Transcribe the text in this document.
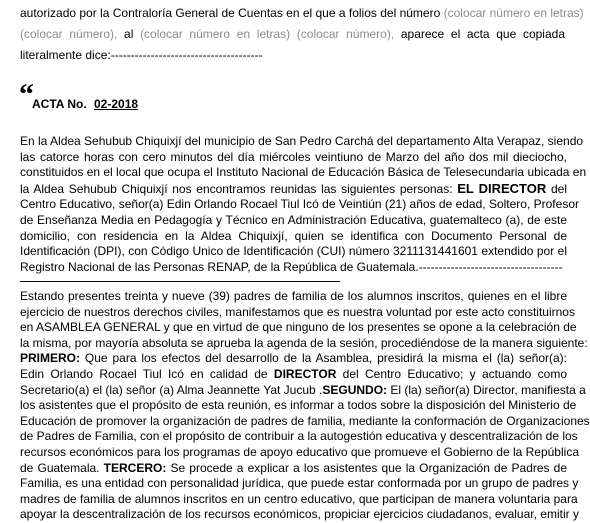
autorizado por la Contraloría General de Cuentas en el que a folios del número (colocar número en letras)
(colocar número), al (colocar número en letras) (colocar número), aparece el acta que copiada
literalmente dice:--------------------------------------
“
ACTA No. 02-2018
En la Aldea Sehubub Chiquixjí del municipio de San Pedro Carchá del departamento Alta Verapaz, siendo
las catorce horas con cero minutos del día miércoles veintiuno de Marzo del año dos mil dieciocho,
constituidos en el local que ocupa el Instituto Nacional de Educación Básica de Telesecundaria ubicada en
la Aldea Sehubub Chiquixjí nos encontramos reunidas las siguientes personas: EL DIRECTOR del
Centro Educativo, señor(a) Edin Orlando Rocael Tiul Icó de Veintiún (21) años de edad, Soltero, Profesor
de Enseñanza Media en Pedagogía y Técnico en Administración Educativa, guatemalteco (a), de este
domicilio, con residencia en la Aldea Chiquixjí, quien se identifica con Documento Personal de
Identificación (DPI), con Código Unico de Identificación (CUI) número 3211131441601 extendido por el
Registro Nacional de las Personas RENAP, de la República de Guatemala.------------------------------------
Estando presentes treinta y nueve (39) padres de familia de los alumnos inscritos, quienes en el libre
ejercicio de nuestros derechos civiles, manifestamos que es nuestra voluntad por este acto constituirnos
en ASAMBLEA GENERAL y que en virtud de que ninguno de los presentes se opone a la celebración de
la misma, por mayoría absoluta se aprueba la agenda de la sesión, procediéndose de la manera siguiente:
PRIMERO: Que para los efectos del desarrollo de la Asamblea, presidirá la misma el (la) señor(a):
Edin Orlando Rocael Tiul Icó en calidad de DIRECTOR del Centro Educativo; y actuando como
Secretario(a) el (la) señor (a) Alma Jeannette Yat Jucub .SEGUNDO: El (la) señor(a) Director, manifiesta a
los asistentes que el propósito de esta reunión, es informar a todos sobre la disposición del Ministerio de
Educación de promover la organización de padres de familia, mediante la conformación de Organizaciones
de Padres de Familia, con el propósito de contribuir a la autogestión educativa y descentralización de los
recursos económicos para los programas de apoyo educativo que promueve el Gobierno de la República
de Guatemala. TERCERO: Se procede a explicar a los asistentes que la Organización de Padres de
Familia, es una entidad con personalidad jurídica, que puede estar conformada por un grupo de padres y
madres de familia de alumnos inscritos en un centro educativo, que participan de manera voluntaria para
apoyar la descentralización de los recursos económicos, propiciar ejercicios ciudadanos, evaluar, emitir y
